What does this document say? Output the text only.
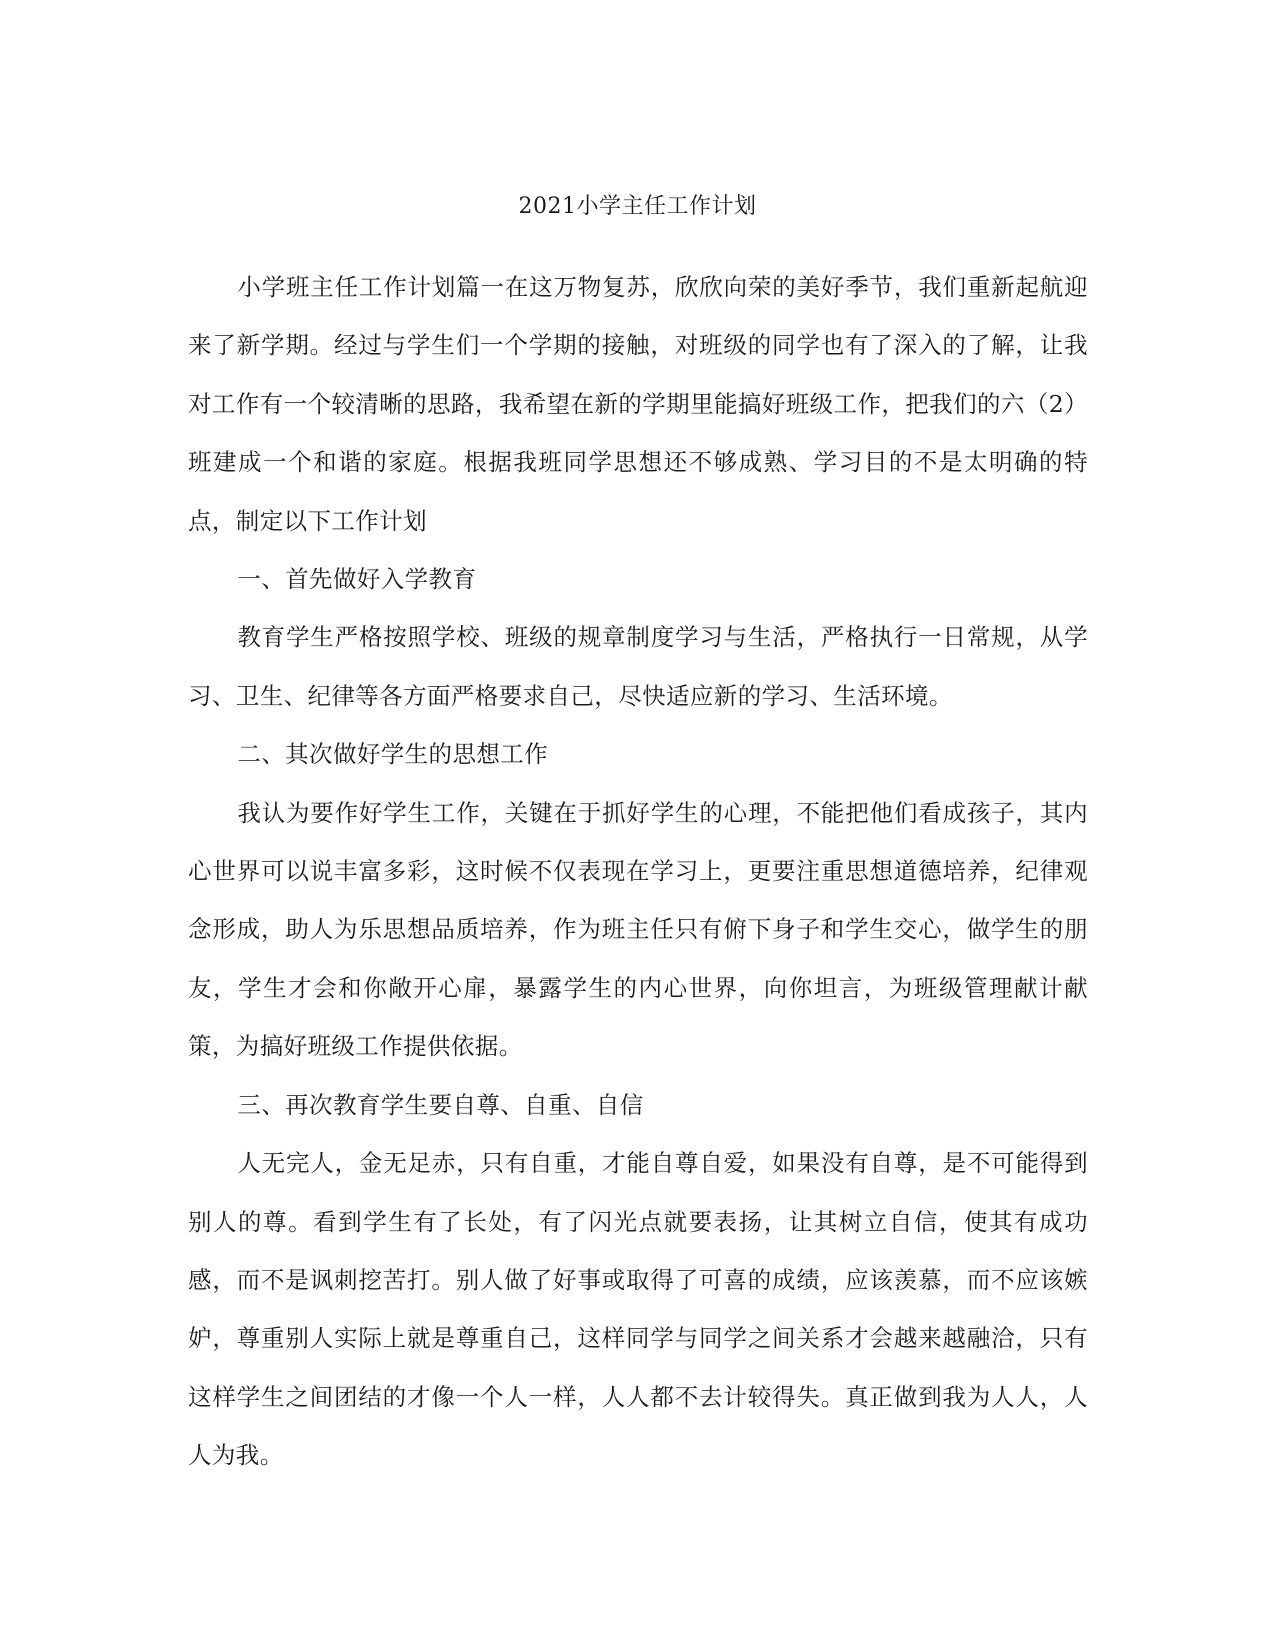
2021小学主任工作计划

小学班主任工作计划篇一在这万物复苏，欣欣向荣的美好季节，我们重新起航迎来了新学期。经过与学生们一个学期的接触，对班级的同学也有了深入的了解，让我对工作有一个较清晰的思路，我希望在新的学期里能搞好班级工作，把我们的六（2）班建成一个和谐的家庭。根据我班同学思想还不够成熟、学习目的不是太明确的特点，制定以下工作计划

一、首先做好入学教育

教育学生严格按照学校、班级的规章制度学习与生活，严格执行一日常规，从学习、卫生、纪律等各方面严格要求自己，尽快适应新的学习、生活环境。

二、其次做好学生的思想工作

我认为要作好学生工作，关键在于抓好学生的心理，不能把他们看成孩子，其内心世界可以说丰富多彩，这时候不仅表现在学习上，更要注重思想道德培养，纪律观念形成，助人为乐思想品质培养，作为班主任只有俯下身子和学生交心，做学生的朋友，学生才会和你敞开心扉，暴露学生的内心世界，向你坦言，为班级管理献计献策，为搞好班级工作提供依据。

三、再次教育学生要自尊、自重、自信

人无完人，金无足赤，只有自重，才能自尊自爱，如果没有自尊，是不可能得到别人的尊。看到学生有了长处，有了闪光点就要表扬，让其树立自信，使其有成功感，而不是讽刺挖苦打。别人做了好事或取得了可喜的成绩，应该羡慕，而不应该嫉妒，尊重别人实际上就是尊重自己，这样同学与同学之间关系才会越来越融洽，只有这样学生之间团结的才像一个人一样，人人都不去计较得失。真正做到我为人人，人人为我。
